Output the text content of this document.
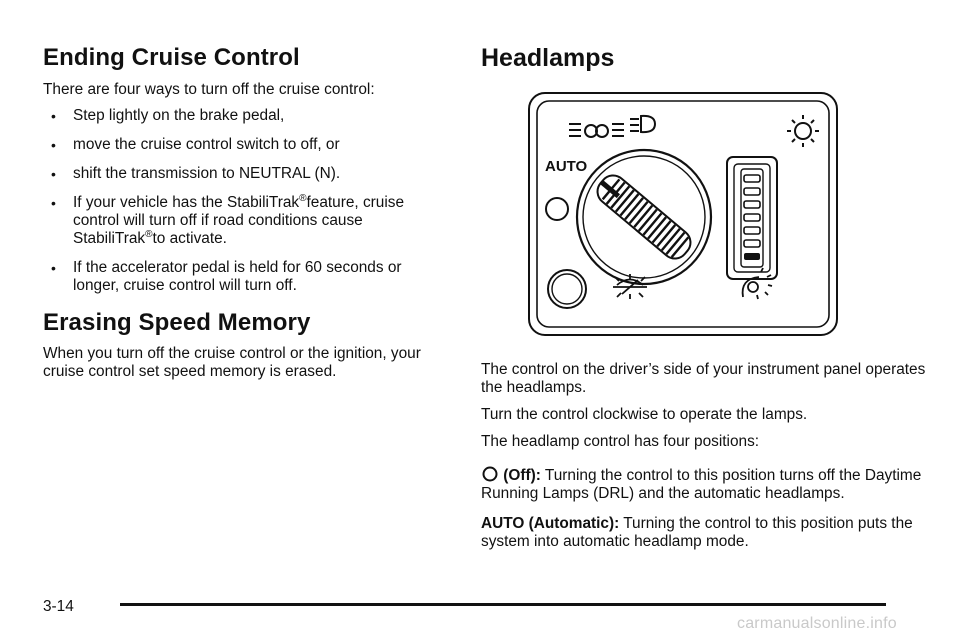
Ending Cruise Control

There are four ways to turn off the cruise control:

• Step lightly on the brake pedal,
• move the cruise control switch to off, or
• shift the transmission to NEUTRAL (N).
• If your vehicle has the StabiliTrak®feature, cruise control will turn off if road conditions cause StabiliTrak®to activate.
• If the accelerator pedal is held for 60 seconds or longer, cruise control will turn off.
Erasing Speed Memory

When you turn off the cruise control or the ignition, your cruise control set speed memory is erased.

Headlamps
AUTO

The control on the driver’s side of your instrument panel operates the headlamps.

Turn the control clockwise to operate the lamps.

The headlamp control has four positions:

(Off): Turning the control to this position turns off the Daytime Running Lamps (DRL) and the automatic headlamps.

AUTO (Automatic): Turning the control to this position puts the system into automatic headlamp mode.

3-14
carmanualsonline.info
